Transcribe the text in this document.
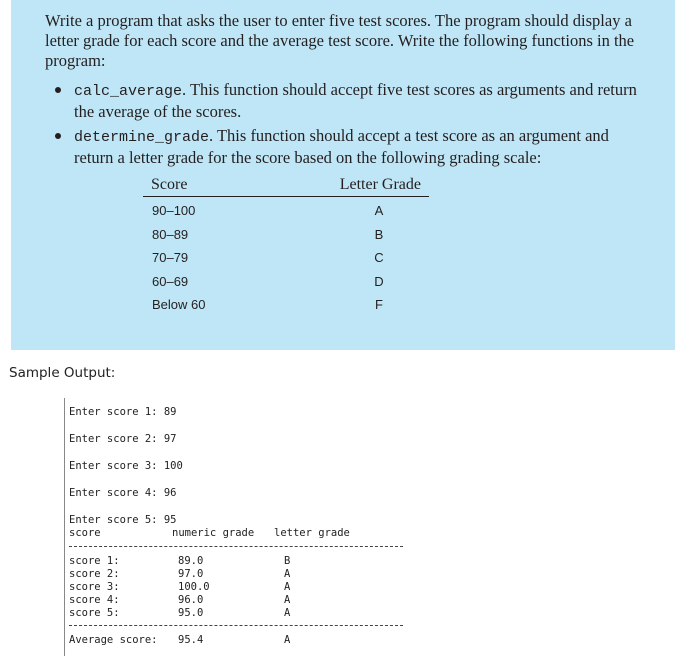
Write a program that asks the user to enter five test scores. The program should display a letter grade for each score and the average test score. Write the following functions in the program:
calc_average. This function should accept five test scores as arguments and return the average of the scores.
determine_grade. This function should accept a test score as an argument and return a letter grade for the score based on the following grading scale:
Score	Letter Grade
90–100	A
80–89	B
70–79	C
60–69	D
Below 60	F
Sample Output:
Enter score 1: 89
Enter score 2: 97
Enter score 3: 100
Enter score 4: 96
Enter score 5: 95
score	numeric grade letter grade
score 1:	89.0	B
score 2:	97.0	A
score 3:	100.0	A
score 4:	96.0	A
score 5:	95.0	A
Average score: 95.4	A
